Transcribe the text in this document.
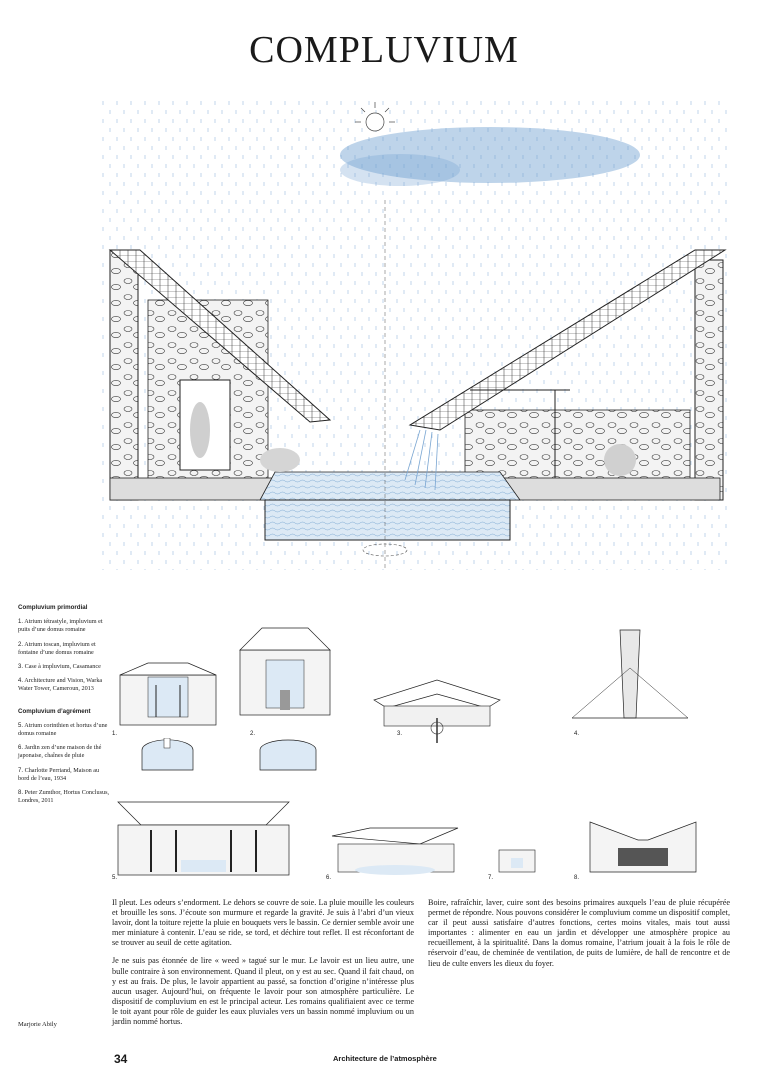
COMPLUVIUM

Compluvium primordial

1. Atrium tétrastyle, impluvium et puits d’une domus romaine

2. Atrium toscan, impluvium et fontaine d’une domus romaine

3. Case à impluvium, Casamance

4. Architecture and Vision, Warka Water Tower, Cameroun, 2013

Compluvium d’agrément

5. Atrium corinthien et hortus d’une domus romaine

6. Jardin zen d’une maison de thé japonaise, chaînes de pluie

7. Charlotte Perriand, Maison au bord de l’eau, 1934

8. Peter Zumthor, Hortus Conclusus, Londres, 2011

1.	2.	3.	4.
5.	6.	7.	8.

Il pleut. Les odeurs s’endorment. Le dehors se couvre de soie. La pluie mouille les couleurs et brouille les sons. J’écoute son murmure et regarde la gravité. Je suis à l’abri d’un vieux lavoir, dont la toiture rejette la pluie en bouquets vers le bassin. Ce dernier semble avoir une mer miniature à contenir. L’eau se ride, se tord, et déchire tout reflet. Il est réconfortant de se trouver au seuil de cette agitation.

Je ne suis pas étonnée de lire « weed » tagué sur le mur. Le lavoir est un lieu autre, une bulle contraire à son environnement. Quand il pleut, on y est au sec. Quand il fait chaud, on y est au frais. De plus, le lavoir appartient au passé, sa fonction d’origine n’intéresse plus aucun usager. Aujourd’hui, on fréquente le lavoir pour son atmosphère particulière. Le dispositif de compluvium en est le principal acteur. Les romains qualifiaient avec ce terme le toit ayant pour rôle de guider les eaux pluviales vers un bassin nommé impluvium ou un jardin nommé hortus.

Boire, rafraîchir, laver, cuire sont des besoins primaires auxquels l’eau de pluie récupérée permet de répondre. Nous pouvons considérer le compluvium comme un dispositif complet, car il peut aussi satisfaire d’autres fonctions, certes moins vitales, mais tout aussi importantes : alimenter en eau un jardin et développer une atmosphère propice au recueillement, à la spiritualité. Dans la domus romaine, l’atrium jouait à la fois le rôle de réservoir d’eau, de cheminée de ventilation, de puits de lumière, de hall de rencontre et de lieu de culte envers les dieux du foyer.

Marjorie Abily
34	Architecture de l’atmosphère
